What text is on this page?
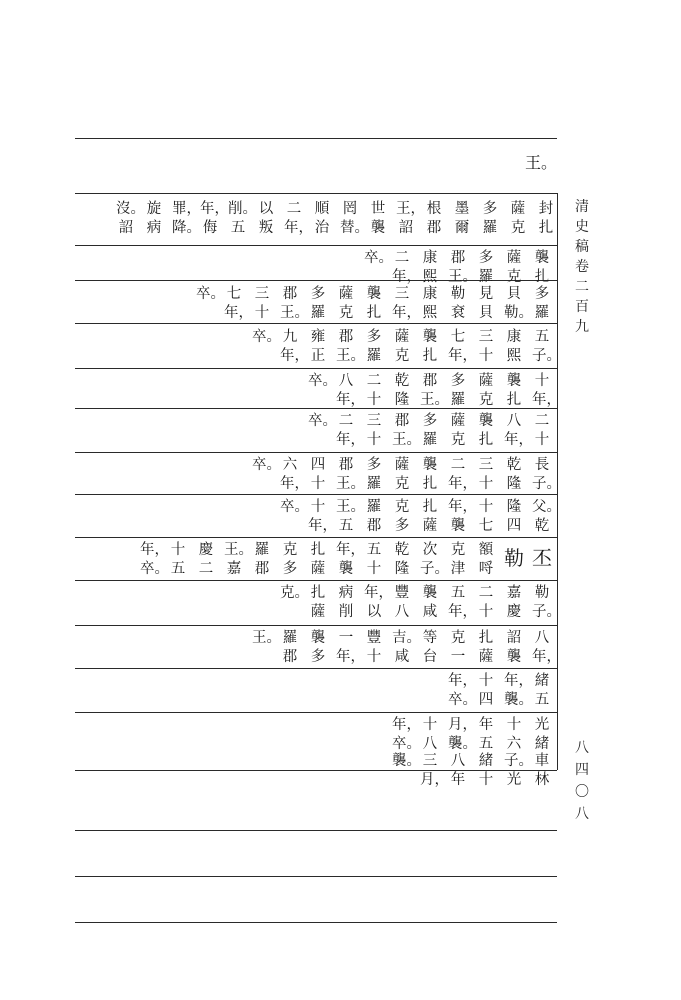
王。
清
史
稿
卷
二
百
九
八
四
〇
八
封
扎
薩
克
多
羅
墨
爾
根
郡
王，
詔
世
襲
罔
替。
順
治
二
年，
以
叛
削。
五
年，
侮
罪，
降。
旋
病
沒。
詔
襲
扎
薩
克
多
羅
郡
王。
康
熙
二
年，
卒。
多
羅
貝
勒。
見
貝
勒
袞
康
熙
三
年，
襲
扎
薩
克
多
羅
郡
王。
三
十
七
年，
卒。
五
子。
康
熙
三
十
七
年，
襲
扎
薩
克
多
羅
郡
王。
雍
正
九
年，
卒。
十
年，
襲
扎
薩
克
多
羅
郡
王。
乾
隆
二
十
八
年，
卒。
二
十
八
年，
襲
扎
薩
克
多
羅
郡
王。
三
十
二
年，
卒。
長
子。
乾
隆
三
十
二
年，
襲
扎
薩
克
多
羅
郡
王。
四
十
六
年，
卒。
父。
乾
隆
四
十
七
年，
襲
扎
薩
克
多
羅
郡
王。
五
十
年，
卒。
丕
勒
額
哷
克
津
次
子。
乾
隆
五
十
年，
襲
扎
薩
克
多
羅
郡
王。
嘉
慶
二
十
五
年，
卒。
勒
子。
嘉
慶
二
十
五
年，
襲
咸
豐
八
年，
以
病
削
扎
薩
克。
八
年，
詔
襲
扎
薩
克
一
等
台
吉。
咸
豐
十
一
年，
襲
多
羅
郡
王。
緒
五
年，
襲。
十
四
年，
卒。
光
緒
十
六
年
五
月，
襲。
十
八
年，
卒。
車
林
子。
光
緒
十
八
年
三
月，
襲。
